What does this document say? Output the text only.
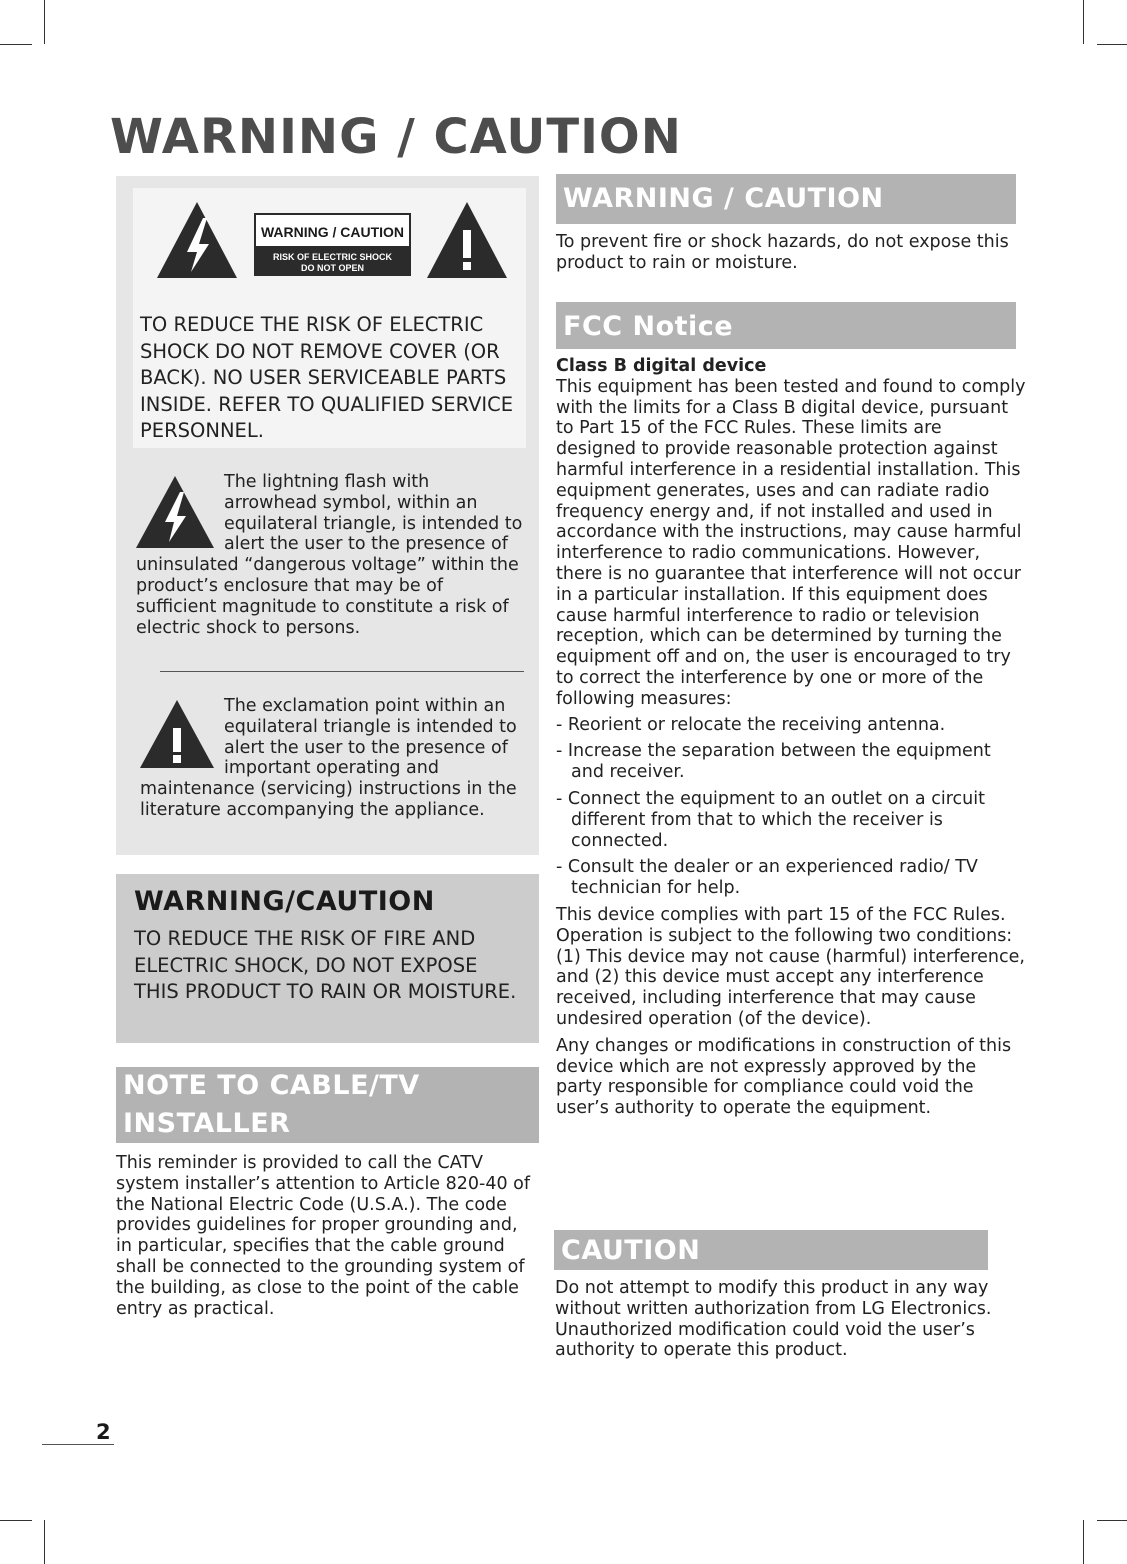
WARNING / CAUTION
WARNING / CAUTION
RISK OF ELECTRIC SHOCK
DO NOT OPEN
TO REDUCE THE RISK OF ELECTRIC SHOCK DO NOT REMOVE COVER (OR BACK). NO USER SERVICEABLE PARTS INSIDE. REFER TO QUALIFIED SERVICE PERSONNEL.

The lightning flash with arrowhead symbol, within an equilateral triangle, is intended to alert the user to the presence of uninsulated “dangerous voltage” within the product’s enclosure that may be of sufficient magnitude to constitute a risk of electric shock to persons.

The exclamation point within an equilateral triangle is intended to alert the user to the presence of important operating and maintenance (servicing) instructions in the literature accompanying the appliance.

WARNING/CAUTION

TO REDUCE THE RISK OF FIRE AND ELECTRIC SHOCK, DO NOT EXPOSE THIS PRODUCT TO RAIN OR MOISTURE.

NOTE TO CABLE/TV
INSTALLER

This reminder is provided to call the CATV system installer’s attention to Article 820-40 of the National Electric Code (U.S.A.). The code provides guidelines for proper grounding and, in particular, specifies that the cable ground shall be connected to the grounding system of the building, as close to the point of the cable entry as practical.

WARNING / CAUTION

To prevent fire or shock hazards, do not expose this product to rain or moisture.

FCC Notice

Class B digital device

This equipment has been tested and found to comply with the limits for a Class B digital device, pursuant to Part 15 of the FCC Rules. These limits are designed to provide reasonable protection against harmful interference in a residential installation. This equipment generates, uses and can radiate radio frequency energy and, if not installed and used in accordance with the instructions, may cause harmful interference to radio communications. However, there is no guarantee that interference will not occur in a particular installation. If this equipment does cause harmful interference to radio or television reception, which can be determined by turning the equipment off and on, the user is encouraged to try to correct the interference by one or more of the following measures:

- Reorient or relocate the receiving antenna.
- Increase the separation between the equipment and receiver.
- Connect the equipment to an outlet on a circuit different from that to which the receiver is connected.
- Consult the dealer or an experienced radio/ TV technician for help.

This device complies with part 15 of the FCC Rules. Operation is subject to the following two conditions: (1) This device may not cause (harmful) interference, and (2) this device must accept any interference received, including interference that may cause undesired operation (of the device).

Any changes or modifications in construction of this device which are not expressly approved by the party responsible for compliance could void the user’s authority to operate the equipment.

CAUTION

Do not attempt to modify this product in any way without written authorization from LG Electronics. Unauthorized modification could void the user’s authority to operate this product.

2
